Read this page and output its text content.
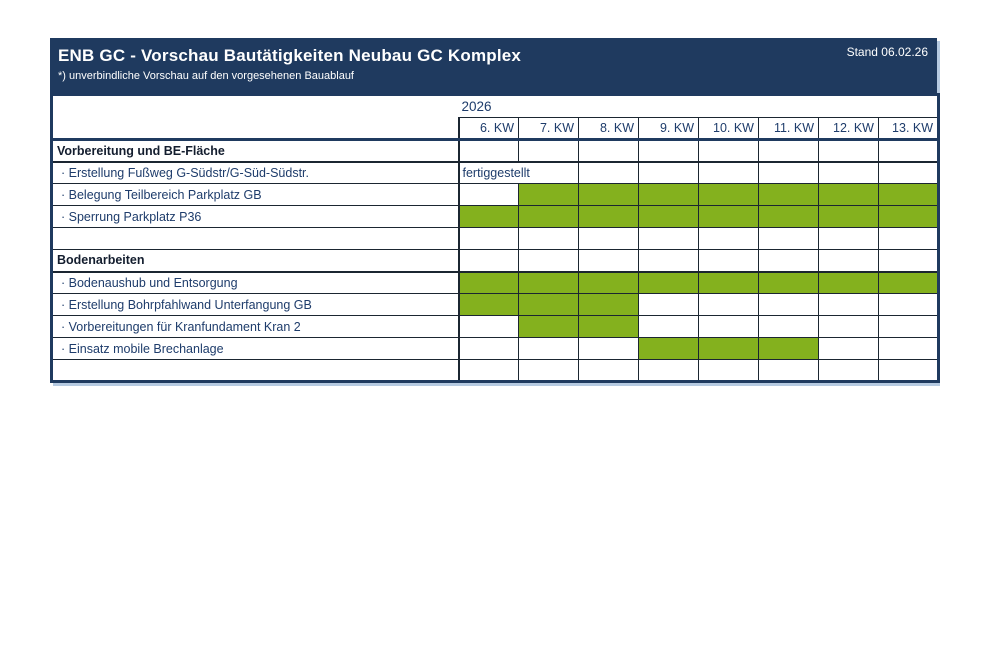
ENB GC - Vorschau Bautätigkeiten Neubau GC Komplex	Stand 06.02.26
*) unverbindliche Vorschau auf den vorgesehenen Bauablauf
	2026							
	6. KW	7. KW	8. KW	9. KW	10. KW	11. KW	12. KW	13. KW
Vorbereitung und BE-Fläche								
· Erstellung Fußweg G-Südstr/G-Süd-Südstr.	fertiggestellt							
· Belegung Teilbereich Parkplatz GB								
· Sperrung Parkplatz P36								

Bodenarbeiten								
· Bodenaushub und Entsorgung								
· Erstellung Bohrpfahlwand Unterfangung GB								
· Vorbereitungen für Kranfundament Kran 2								
· Einsatz mobile Brechanlage								
